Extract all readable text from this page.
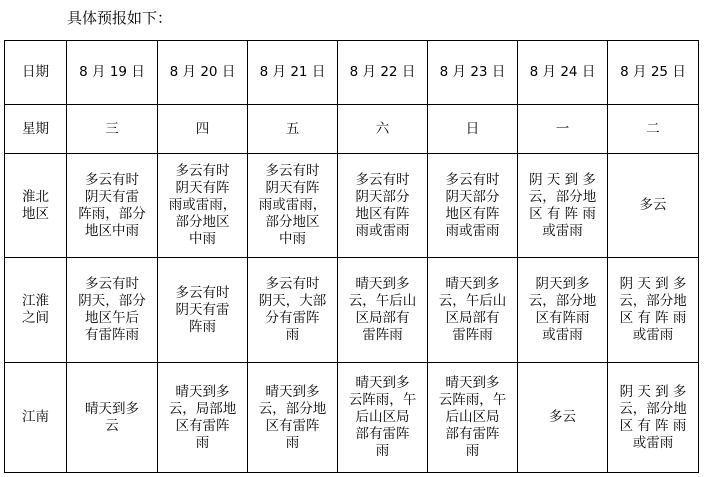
具体预报如下：
日期	8 月 19 日	8 月 20 日	8 月 21 日	8 月 22 日	8 月 23 日	8 月 24 日	8 月 25 日
星期	三	四	五	六	日	一	二

淮北
地区	多云有时
阴天有雷
阵雨，部分
地区中雨	多云有时
阴天有阵
雨或雷雨，
部分地区
中雨	多云有时
阴天有阵
雨或雷雨，
部分地区
中雨	多云有时
阴天部分
地区有阵
雨或雷雨	多云有时
阴天部分
地区有阵
雨或雷雨	阴 天 到 多
云，部分地
区 有 阵 雨
或雷雨	多云

江淮
之间	多云有时
阴天，部分
地区午后
有雷阵雨	多云有时
阴天有雷
阵雨	多云有时
阴天，大部
分有雷阵
雨	晴天到多
云，午后山
区局部有
雷阵雨	晴天到多
云，午后山
区局部有
雷阵雨	阴天到多
云，部分地
区有阵雨
或雷雨	阴 天 到 多
云，部分地
区 有 阵 雨
或雷雨

江南	晴天到多
云	晴天到多
云，局部地
区有雷阵
雨	晴天到多
云，部分地
区有雷阵
雨	晴天到多
云阵雨，午
后山区局
部有雷阵
雨	晴天到多
云阵雨，午
后山区局
部有雷阵
雨	多云	阴 天 到 多
云，部分地
区 有 阵 雨
或雷雨
